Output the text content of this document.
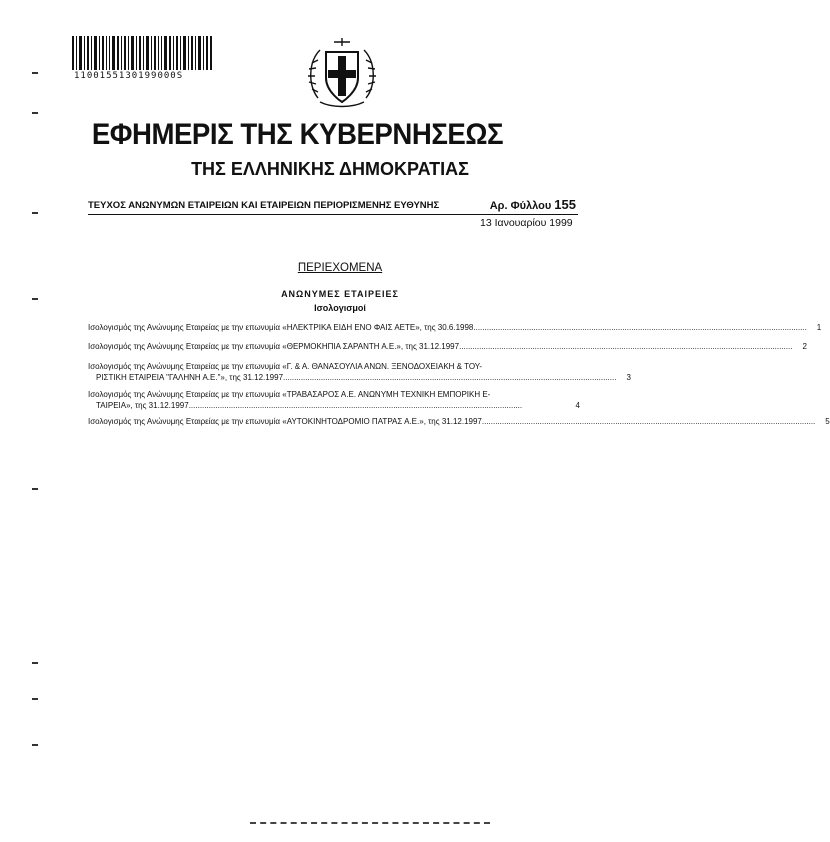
1100155130199000S
ΕΦΗΜΕΡΙΣ ΤΗΣ ΚΥΒΕΡΝΗΣΕΩΣ
ΤΗΣ ΕΛΛΗΝΙΚΗΣ ΔΗΜΟΚΡΑΤΙΑΣ
ΤΕΥΧΟΣ ΑΝΩΝΥΜΩΝ ΕΤΑΙΡΕΙΩΝ ΚΑΙ ΕΤΑΙΡΕΙΩΝ ΠΕΡΙΟΡΙΣΜΕΝΗΣ ΕΥΘΥΝΗΣ	Αρ. Φύλλου 155
13 Ιανουαρίου 1999
ΠΕΡΙΕΧΟΜΕΝΑ
ΑΝΩΝΥΜΕΣ ΕΤΑΙΡΕΙΕΣ
Ισολογισμοί
Ισολογισμός της Ανώνυμης Εταιρείας με την επωνυμία «ΗΛΕΚΤΡΙΚΑ ΕΙΔΗ ΕΝΟ ΦΑΙΣ ΑΕΤΕ», της 30.6.1998 .....	1
Ισολογισμός της Ανώνυμης Εταιρείας με την επωνυμία «ΘΕΡΜΟΚΗΠΙΑ ΣΑΡΑΝΤΗ Α.Ε.», της 31.12.1997 .....	2
Ισολογισμός της Ανώνυμης Εταιρείας με την επωνυμία «Γ. & Α. ΘΑΝΑΣΟΥΛΙΑ ΑΝΩΝ. ΞΕΝΟΔΟΧΕΙΑΚΗ & ΤΟΥ-
ΡΙΣΤΙΚΗ ΕΤΑΙΡΕΙΑ "ΓΑΛΗΝΗ Α.Ε."», της 31.12.1997 .....	3
Ισολογισμός της Ανώνυμης Εταιρείας με την επωνυμία «ΤΡΑΒΑΣΑΡΟΣ Α.Ε. ΑΝΩΝΥΜΗ ΤΕΧΝΙΚΗ ΕΜΠΟΡΙΚΗ Ε-
ΤΑΙΡΕΙΑ», της 31.12.1997 .....	4
Ισολογισμός της Ανώνυμης Εταιρείας με την επωνυμία «ΑΥΤΟΚΙΝΗΤΟΔΡΟΜΙΟ ΠΑΤΡΑΣ Α.Ε.», της 31.12.1997 .....	5
